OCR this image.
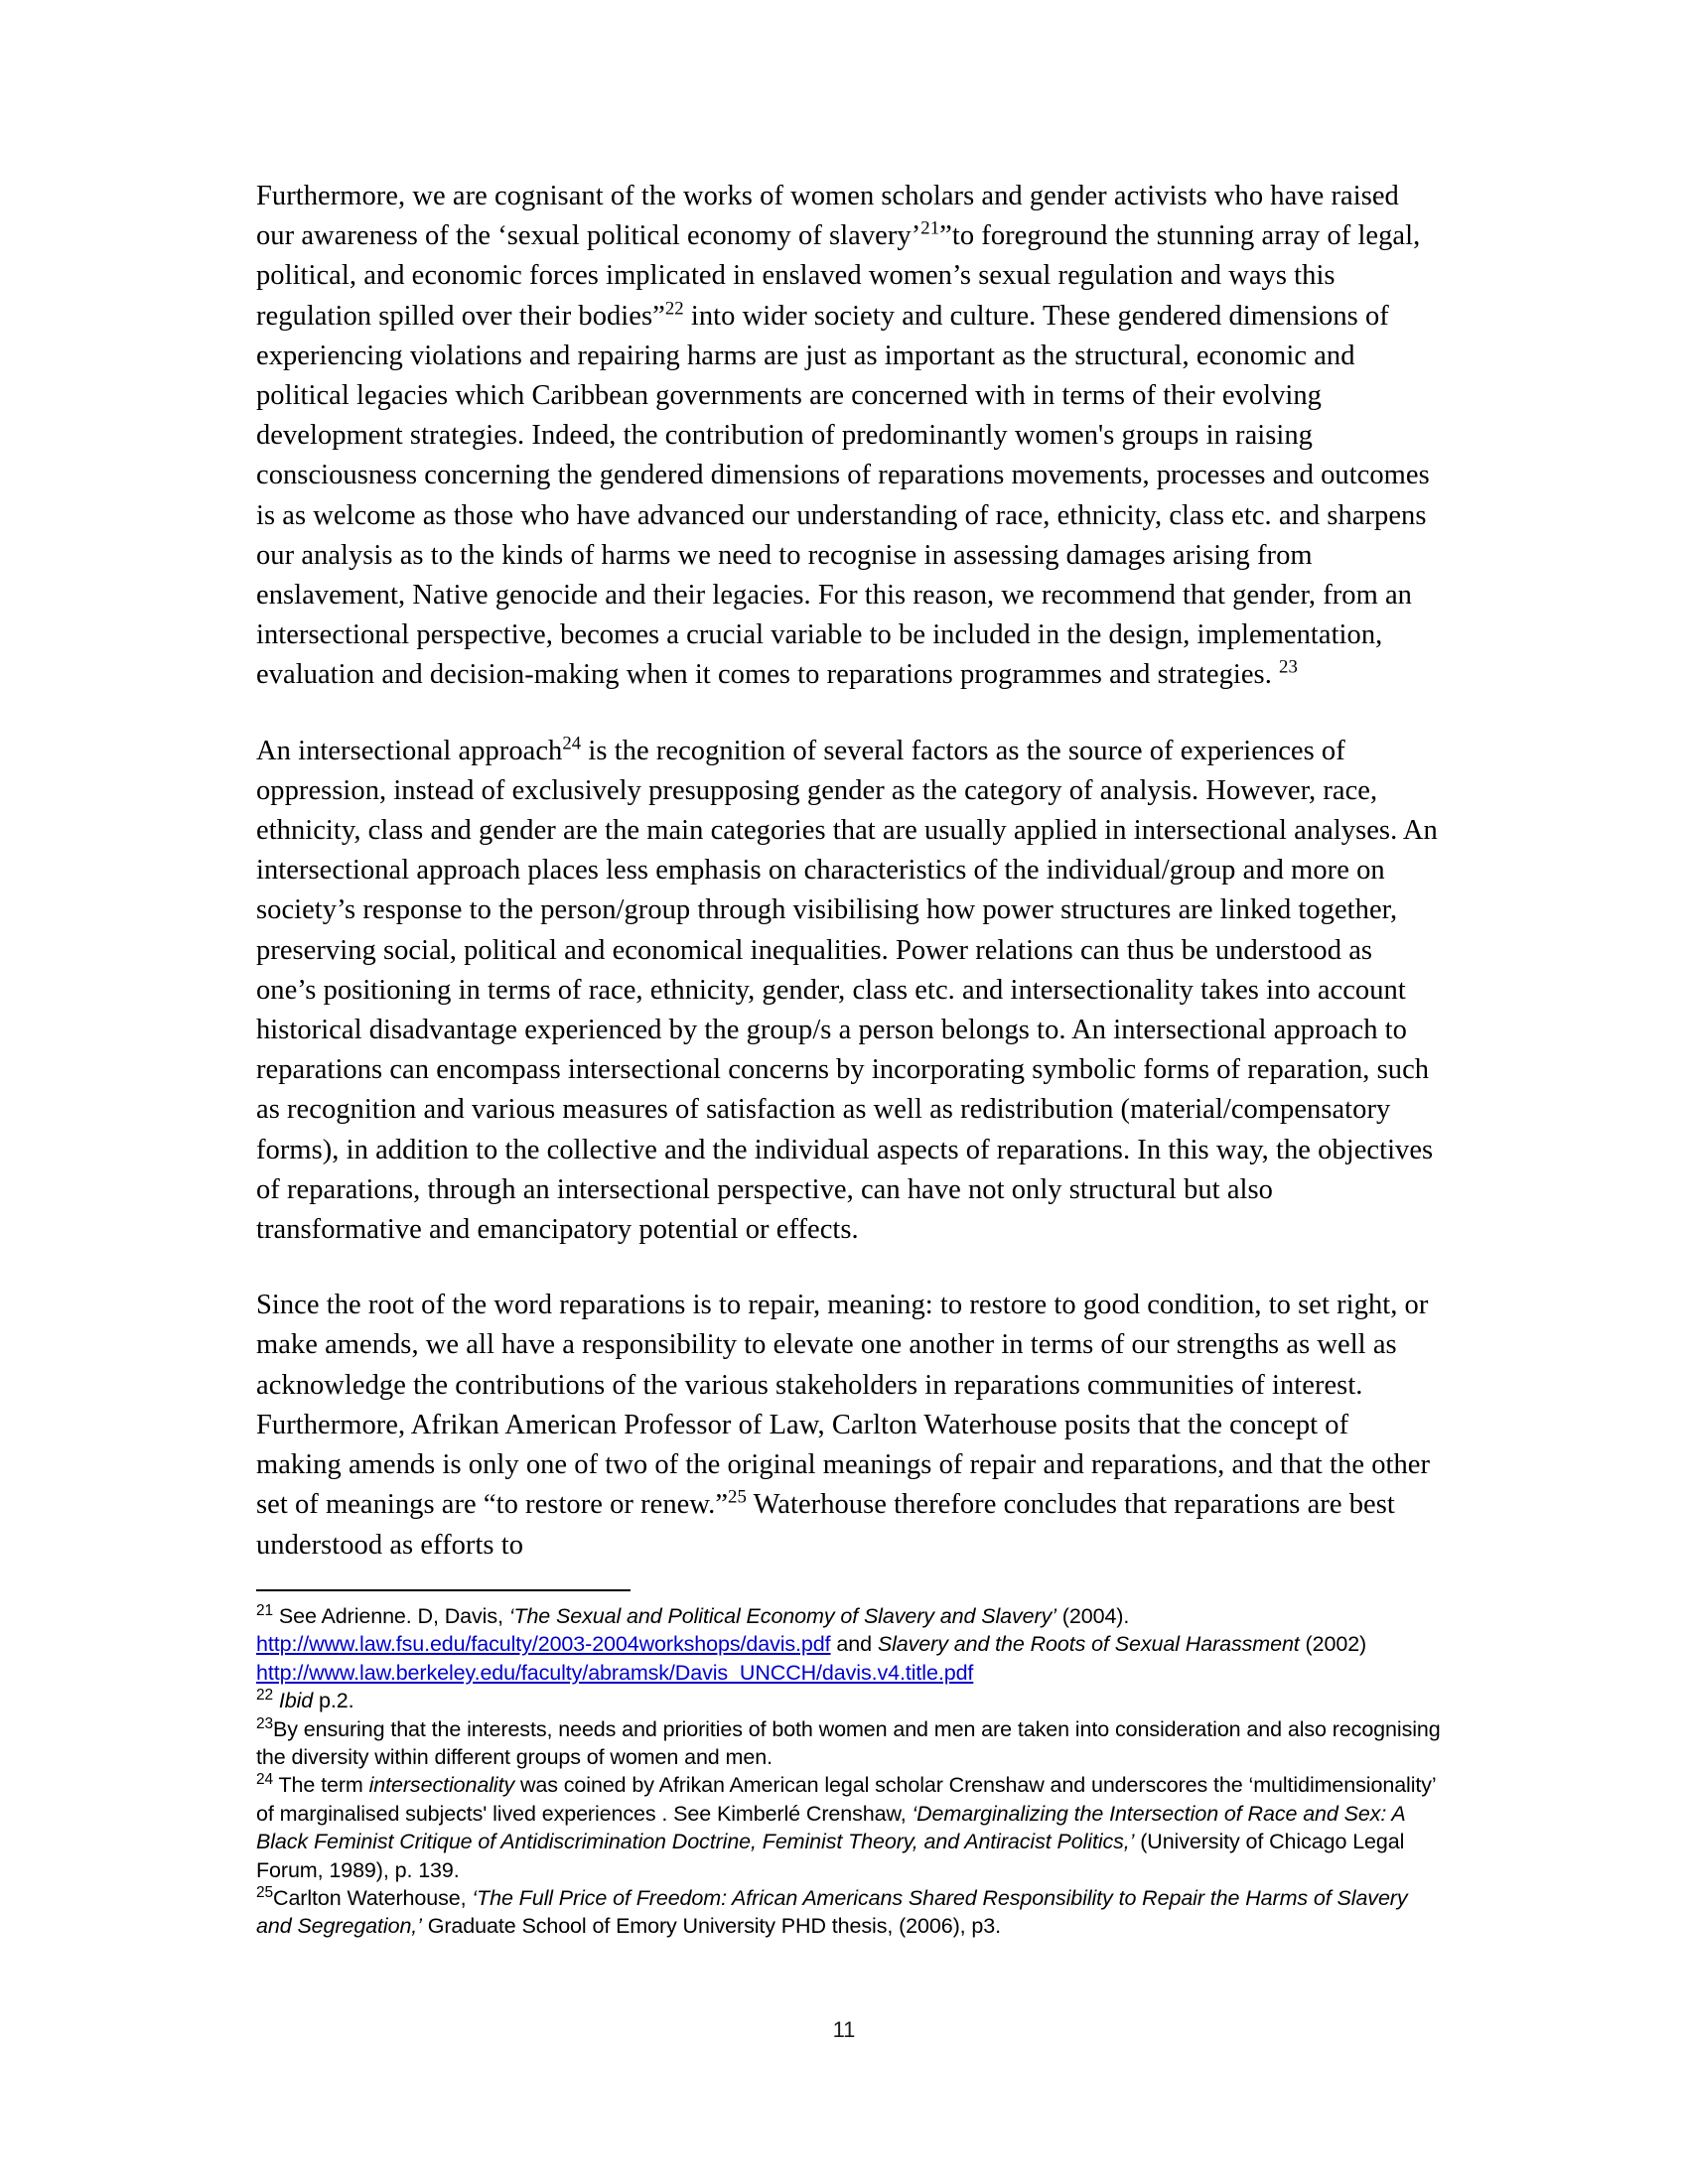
Furthermore, we are cognisant of the works of women scholars and gender activists who have raised our awareness of the ‘sexual political economy of slavery’$^{21}$”to foreground the stunning array of legal, political, and economic forces implicated in enslaved women’s sexual regulation and ways this regulation spilled over their bodies”$^{22}$ into wider society and culture. These gendered dimensions of experiencing violations and repairing harms are just as important as the structural, economic and political legacies which Caribbean governments are concerned with in terms of their evolving development strategies. Indeed, the contribution of predominantly women's groups in raising consciousness concerning the gendered dimensions of reparations movements, processes and outcomes is as welcome as those who have advanced our understanding of race, ethnicity, class etc. and sharpens our analysis as to the kinds of harms we need to recognise in assessing damages arising from enslavement, Native genocide and their legacies. For this reason, we recommend that gender, from an intersectional perspective, becomes a crucial variable to be included in the design, implementation, evaluation and decision-making when it comes to reparations programmes and strategies. $^{23}$

An intersectional approach$^{24}$ is the recognition of several factors as the source of experiences of oppression, instead of exclusively presupposing gender as the category of analysis. However, race, ethnicity, class and gender are the main categories that are usually applied in intersectional analyses. An intersectional approach places less emphasis on characteristics of the individual/group and more on society’s response to the person/group through visibilising how power structures are linked together, preserving social, political and economical inequalities. Power relations can thus be understood as one’s positioning in terms of race, ethnicity, gender, class etc. and intersectionality takes into account historical disadvantage experienced by the group/s a person belongs to. An intersectional approach to reparations can encompass intersectional concerns by incorporating symbolic forms of reparation, such as recognition and various measures of satisfaction as well as redistribution (material/compensatory forms), in addition to the collective and the individual aspects of reparations. In this way, the objectives of reparations, through an intersectional perspective, can have not only structural but also transformative and emancipatory potential or effects.

Since the root of the word reparations is to repair, meaning: to restore to good condition, to set right, or make amends, we all have a responsibility to elevate one another in terms of our strengths as well as acknowledge the contributions of the various stakeholders in reparations communities of interest. Furthermore, Afrikan American Professor of Law, Carlton Waterhouse posits that the concept of making amends is only one of two of the original meanings of repair and reparations, and that the other set of meanings are “to restore or renew.”$^{25}$ Waterhouse therefore concludes that reparations are best understood as efforts to

$^{21}$ See Adrienne. D, Davis, ‘The Sexual and Political Economy of Slavery and Slavery’ (2004). http://www.law.fsu.edu/faculty/2003-2004workshops/davis.pdf and Slavery and the Roots of Sexual Harassment (2002) http://www.law.berkeley.edu/faculty/abramsk/Davis_UNCCH/davis.v4.title.pdf

$^{22}$ Ibid p.2.

$^{23}$By ensuring that the interests, needs and priorities of both women and men are taken into consideration and also recognising the diversity within different groups of women and men.

$^{24}$ The term intersectionality was coined by Afrikan American legal scholar Crenshaw and underscores the ‘multidimensionality’ of marginalised subjects' lived experiences . See Kimberlé Crenshaw, ‘Demarginalizing the Intersection of Race and Sex: A Black Feminist Critique of Antidiscrimination Doctrine, Feminist Theory, and Antiracist Politics,’ (University of Chicago Legal Forum, 1989), p. 139.

$^{25}$Carlton Waterhouse, ‘The Full Price of Freedom: African Americans Shared Responsibility to Repair the Harms of Slavery and Segregation,’ Graduate School of Emory University PHD thesis, (2006), p3.

11
